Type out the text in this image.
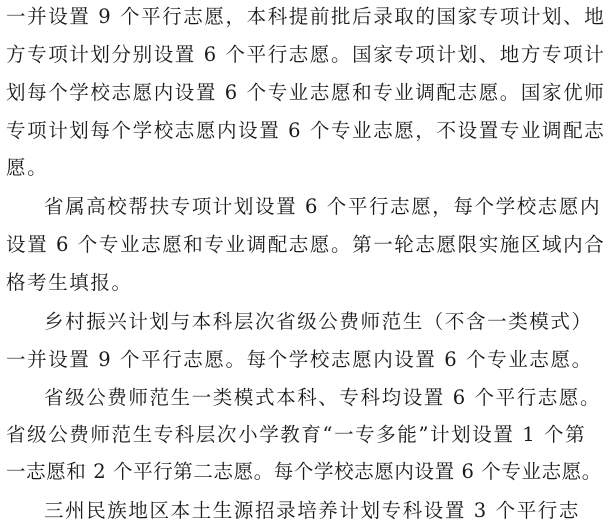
一并设置 9 个平行志愿，本科提前批后录取的国家专项计划、地
方专项计划分别设置 6 个平行志愿。国家专项计划、地方专项计
划每个学校志愿内设置 6 个专业志愿和专业调配志愿。国家优师
专项计划每个学校志愿内设置 6 个专业志愿，不设置专业调配志
愿。
省属高校帮扶专项计划设置 6 个平行志愿，每个学校志愿内
设置 6 个专业志愿和专业调配志愿。第一轮志愿限实施区域内合
格考生填报。
乡村振兴计划与本科层次省级公费师范生（不含一类模式）
一并设置 9 个平行志愿。每个学校志愿内设置 6 个专业志愿。
省级公费师范生一类模式本科、专科均设置 6 个平行志愿。
省级公费师范生专科层次小学教育“一专多能”计划设置 1 个第
一志愿和 2 个平行第二志愿。每个学校志愿内设置 6 个专业志愿。
三州民族地区本土生源招录培养计划专科设置 3 个平行志
